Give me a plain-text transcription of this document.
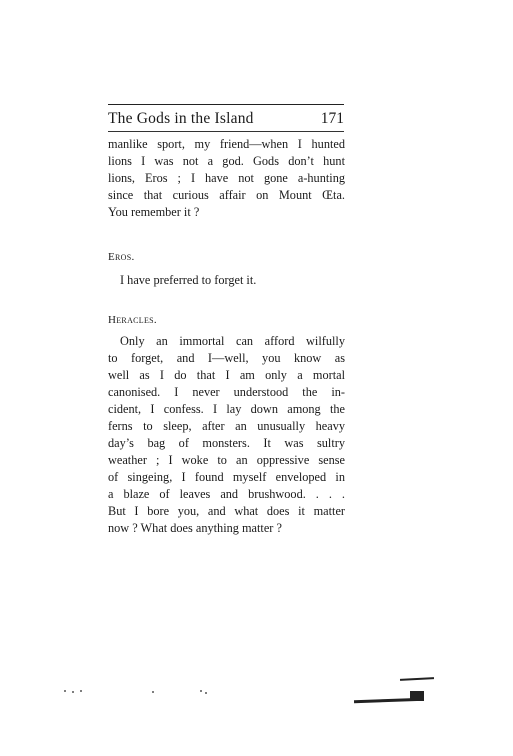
The Gods in the Island	171
manlike sport, my friend—when I hunted
lions I was not a god. Gods don’t hunt
lions, Eros ; I have not gone a-hunting
since that curious affair on Mount Œta.
You remember it ?
Eros.
I have preferred to forget it.
Heracles.
Only an immortal can afford wilfully
to forget, and I—well, you know as
well as I do that I am only a mortal
canonised. I never understood the in-
cident, I confess. I lay down among the
ferns to sleep, after an unusually heavy
day’s bag of monsters. It was sultry
weather ; I woke to an oppressive sense
of singeing, I found myself enveloped in
a blaze of leaves and brushwood. . . .
But I bore you, and what does it matter
now ? What does anything matter ?
